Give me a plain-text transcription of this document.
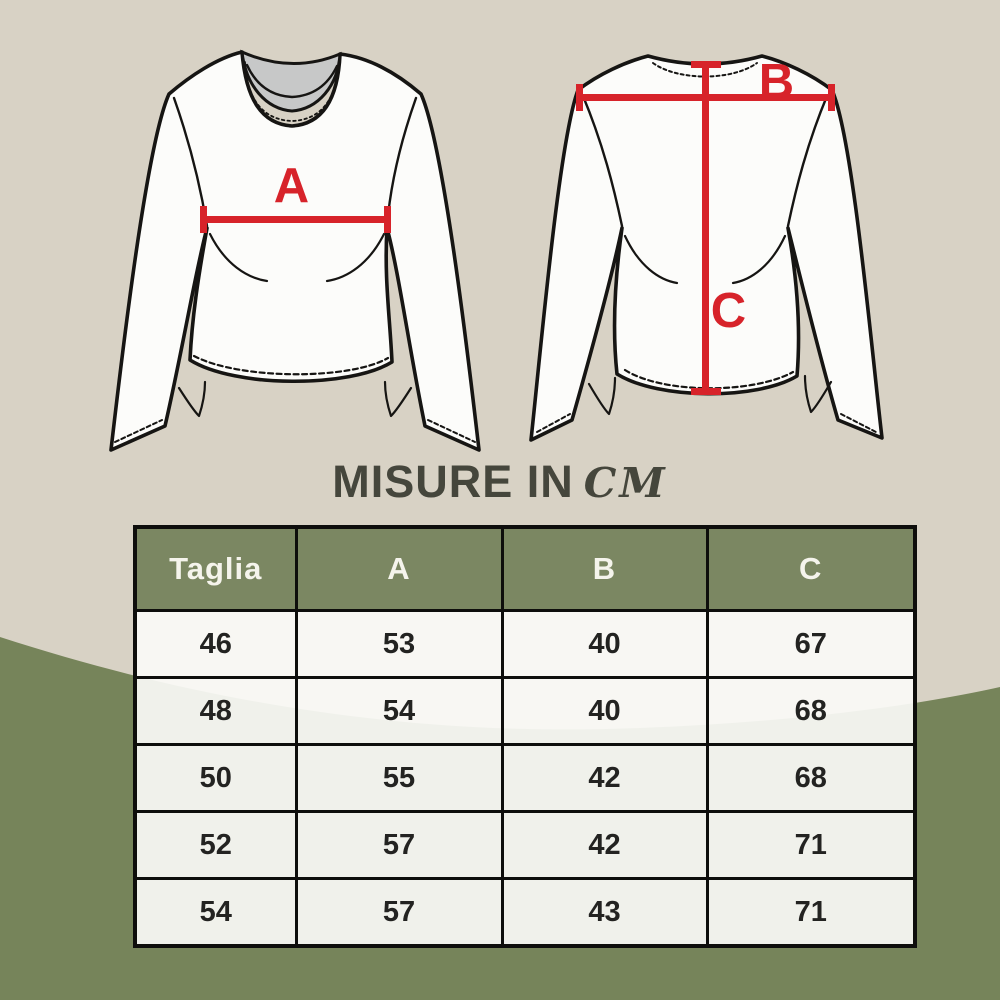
A
B
C
MISURE IN CM
Taglia	A	B	C
46	53	40	67
48	54	40	68
50	55	42	68
52	57	42	71
54	57	43	71
